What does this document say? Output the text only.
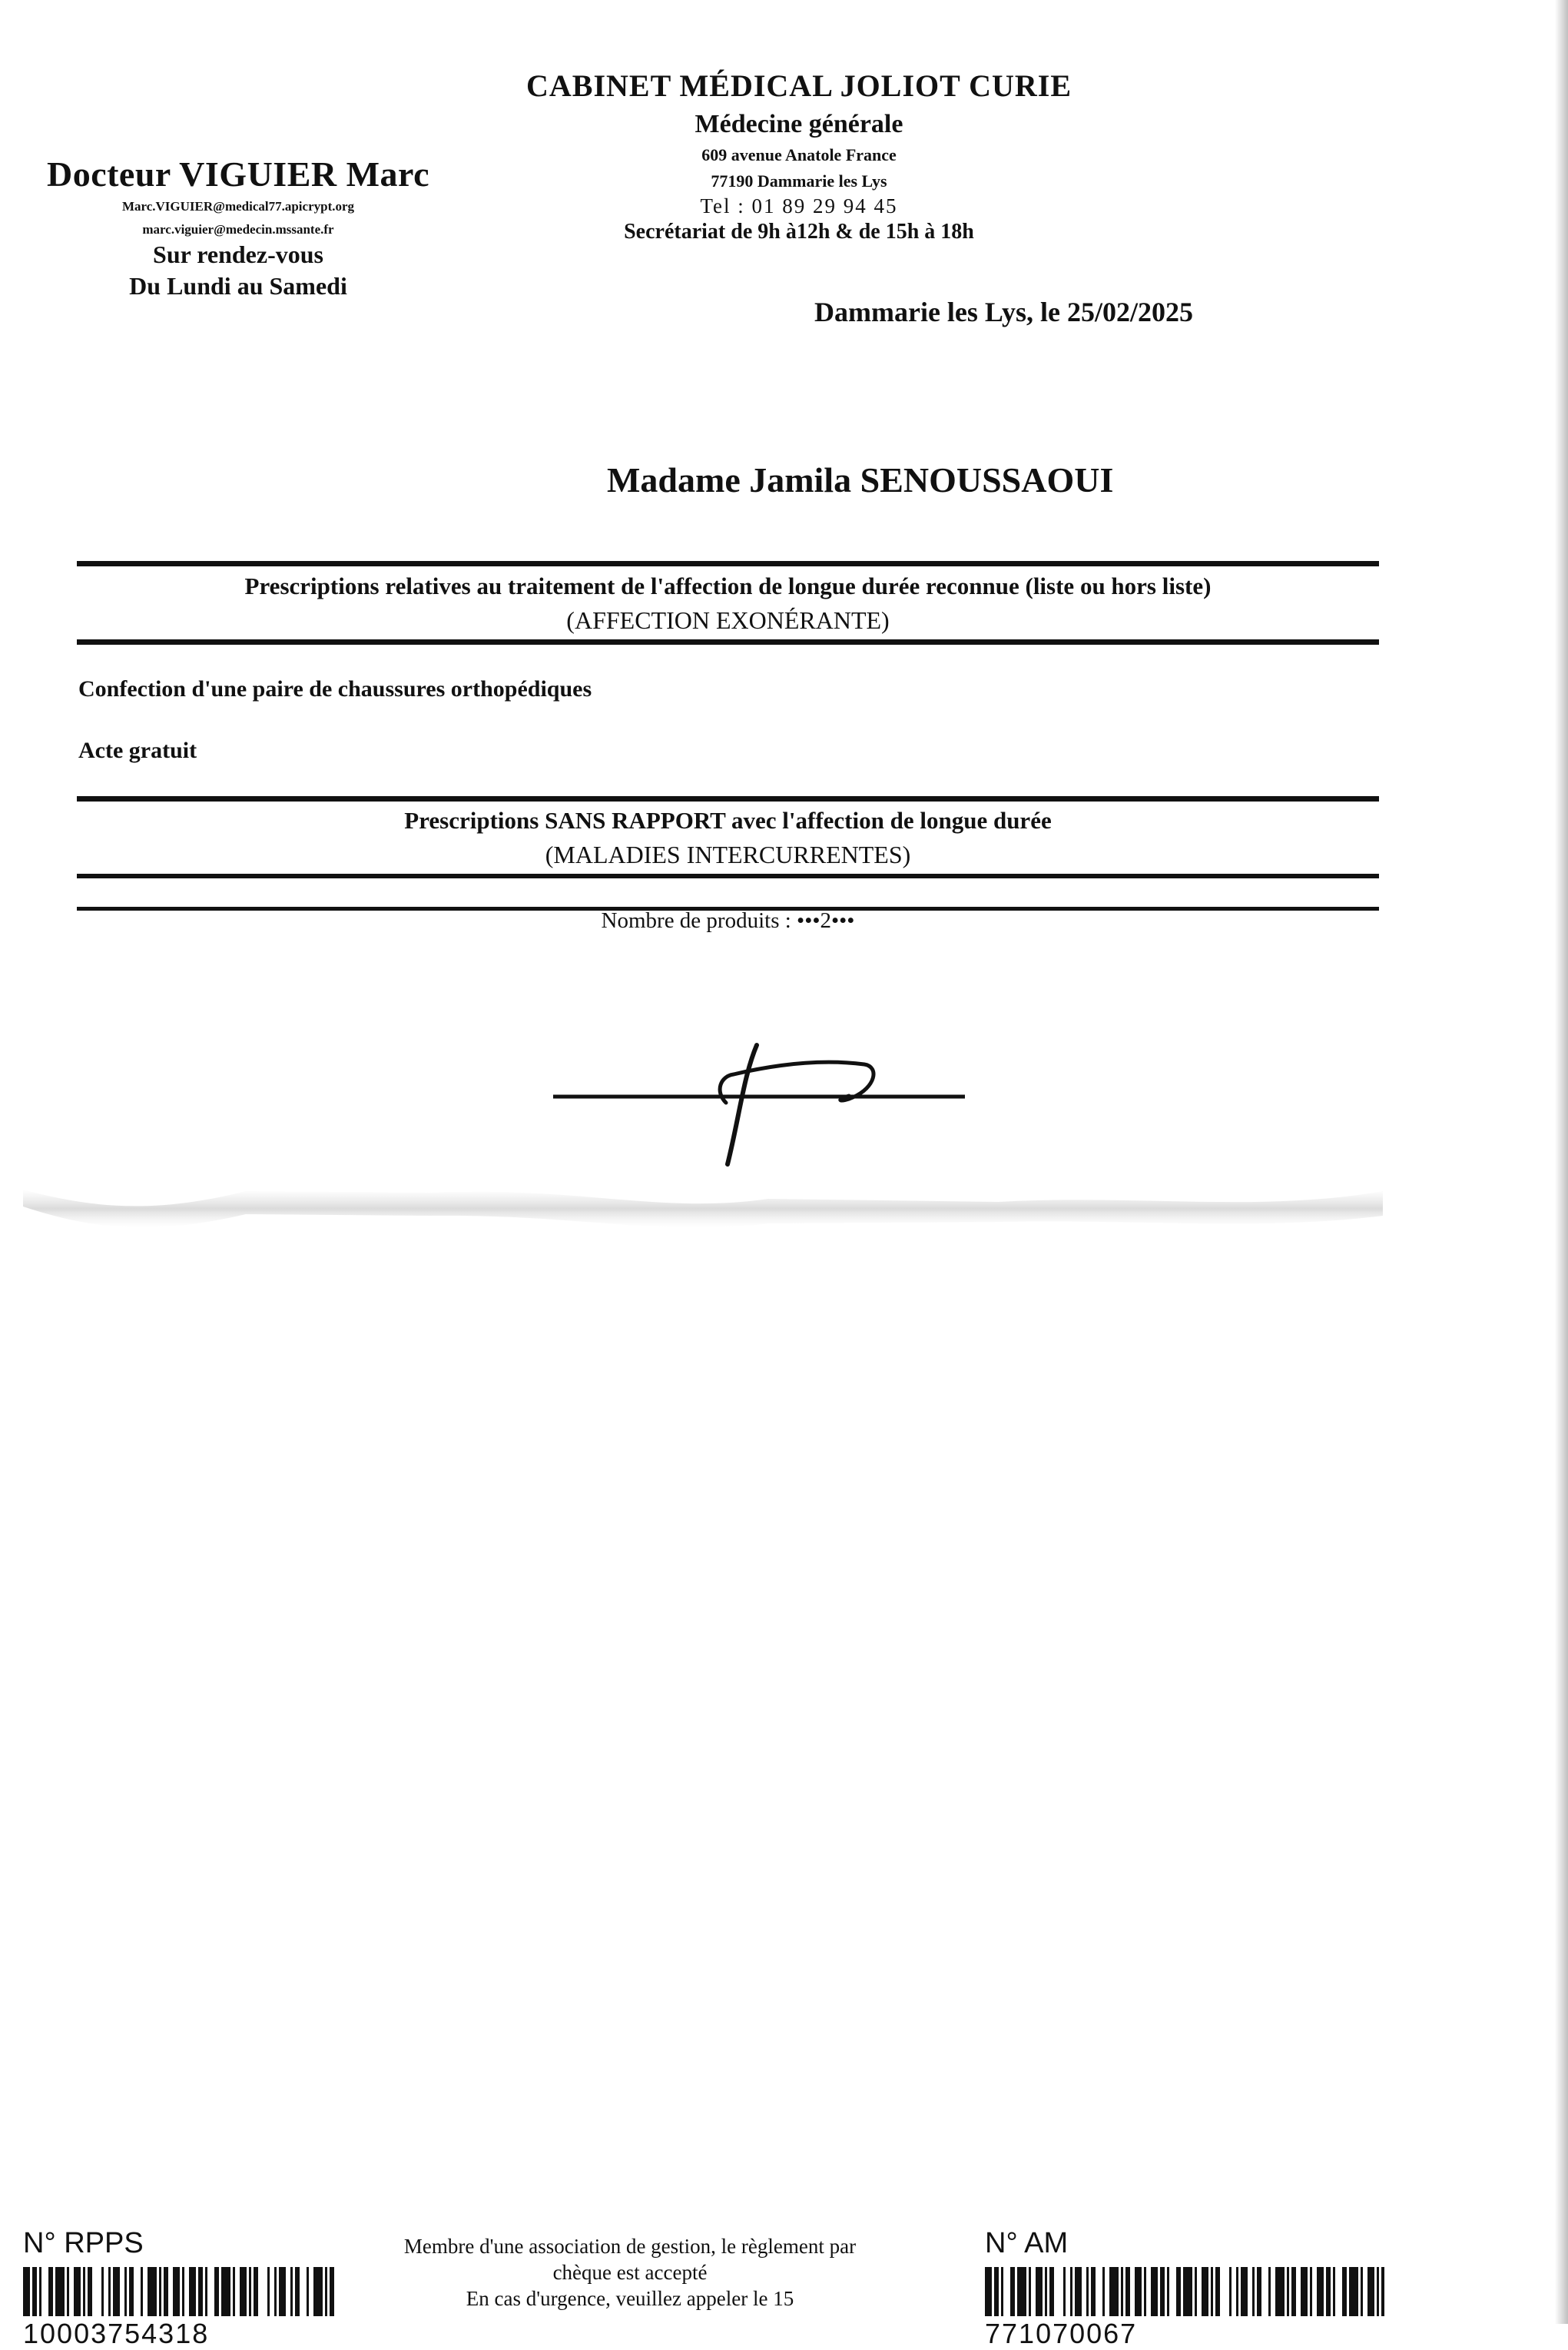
Docteur VIGUIER Marc
Marc.VIGUIER@medical77.apicrypt.org
marc.viguier@medecin.mssante.fr
Sur rendez-vous
Du Lundi au Samedi
CABINET MÉDICAL JOLIOT CURIE
Médecine générale
609 avenue Anatole France
77190 Dammarie les Lys
Tel : 01 89 29 94 45
Secrétariat de 9h à12h & de 15h à 18h
Dammarie les Lys, le 25/02/2025
Madame Jamila SENOUSSAOUI
Prescriptions relatives au traitement de l'affection de longue durée reconnue (liste ou hors liste)
(AFFECTION EXONÉRANTE)
Confection d'une paire de chaussures orthopédiques
Acte gratuit
Prescriptions SANS RAPPORT avec l'affection de longue durée
(MALADIES INTERCURRENTES)
Nombre de produits : •••2•••
N° RPPS
10003754318
Membre d'une association de gestion, le règlement par
chèque est accepté
En cas d'urgence, veuillez appeler le 15
N° AM
771070067
